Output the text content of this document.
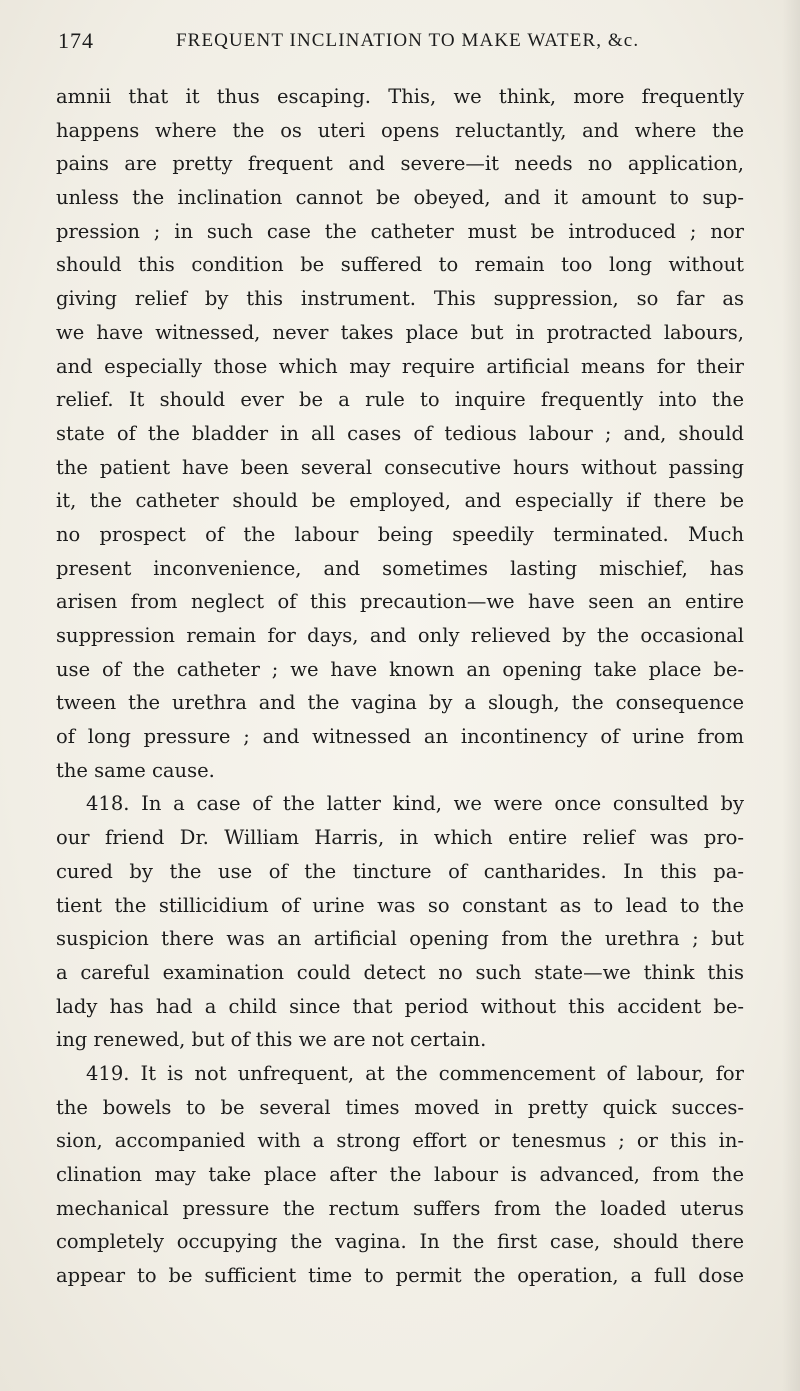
174	FREQUENT INCLINATION TO MAKE WATER, &c.
amnii that it thus escaping. This, we think, more frequently
happens where the os uteri opens reluctantly, and where the
pains are pretty frequent and severe—it needs no application,
unless the inclination cannot be obeyed, and it amount to sup-
pression ; in such case the catheter must be introduced ; nor
should this condition be suffered to remain too long without
giving relief by this instrument. This suppression, so far as
we have witnessed, never takes place but in protracted labours,
and especially those which may require artificial means for their
relief. It should ever be a rule to inquire frequently into the
state of the bladder in all cases of tedious labour ; and, should
the patient have been several consecutive hours without passing
it, the catheter should be employed, and especially if there be
no prospect of the labour being speedily terminated. Much
present inconvenience, and sometimes lasting mischief, has
arisen from neglect of this precaution—we have seen an entire
suppression remain for days, and only relieved by the occasional
use of the catheter ; we have known an opening take place be-
tween the urethra and the vagina by a slough, the consequence
of long pressure ; and witnessed an incontinency of urine from
the same cause.
418. In a case of the latter kind, we were once consulted by
our friend Dr. William Harris, in which entire relief was pro-
cured by the use of the tincture of cantharides. In this pa-
tient the stillicidium of urine was so constant as to lead to the
suspicion there was an artificial opening from the urethra ; but
a careful examination could detect no such state—we think this
lady has had a child since that period without this accident be-
ing renewed, but of this we are not certain.
419. It is not unfrequent, at the commencement of labour, for
the bowels to be several times moved in pretty quick succes-
sion, accompanied with a strong effort or tenesmus ; or this in-
clination may take place after the labour is advanced, from the
mechanical pressure the rectum suffers from the loaded uterus
completely occupying the vagina. In the first case, should there
appear to be sufficient time to permit the operation, a full dose
